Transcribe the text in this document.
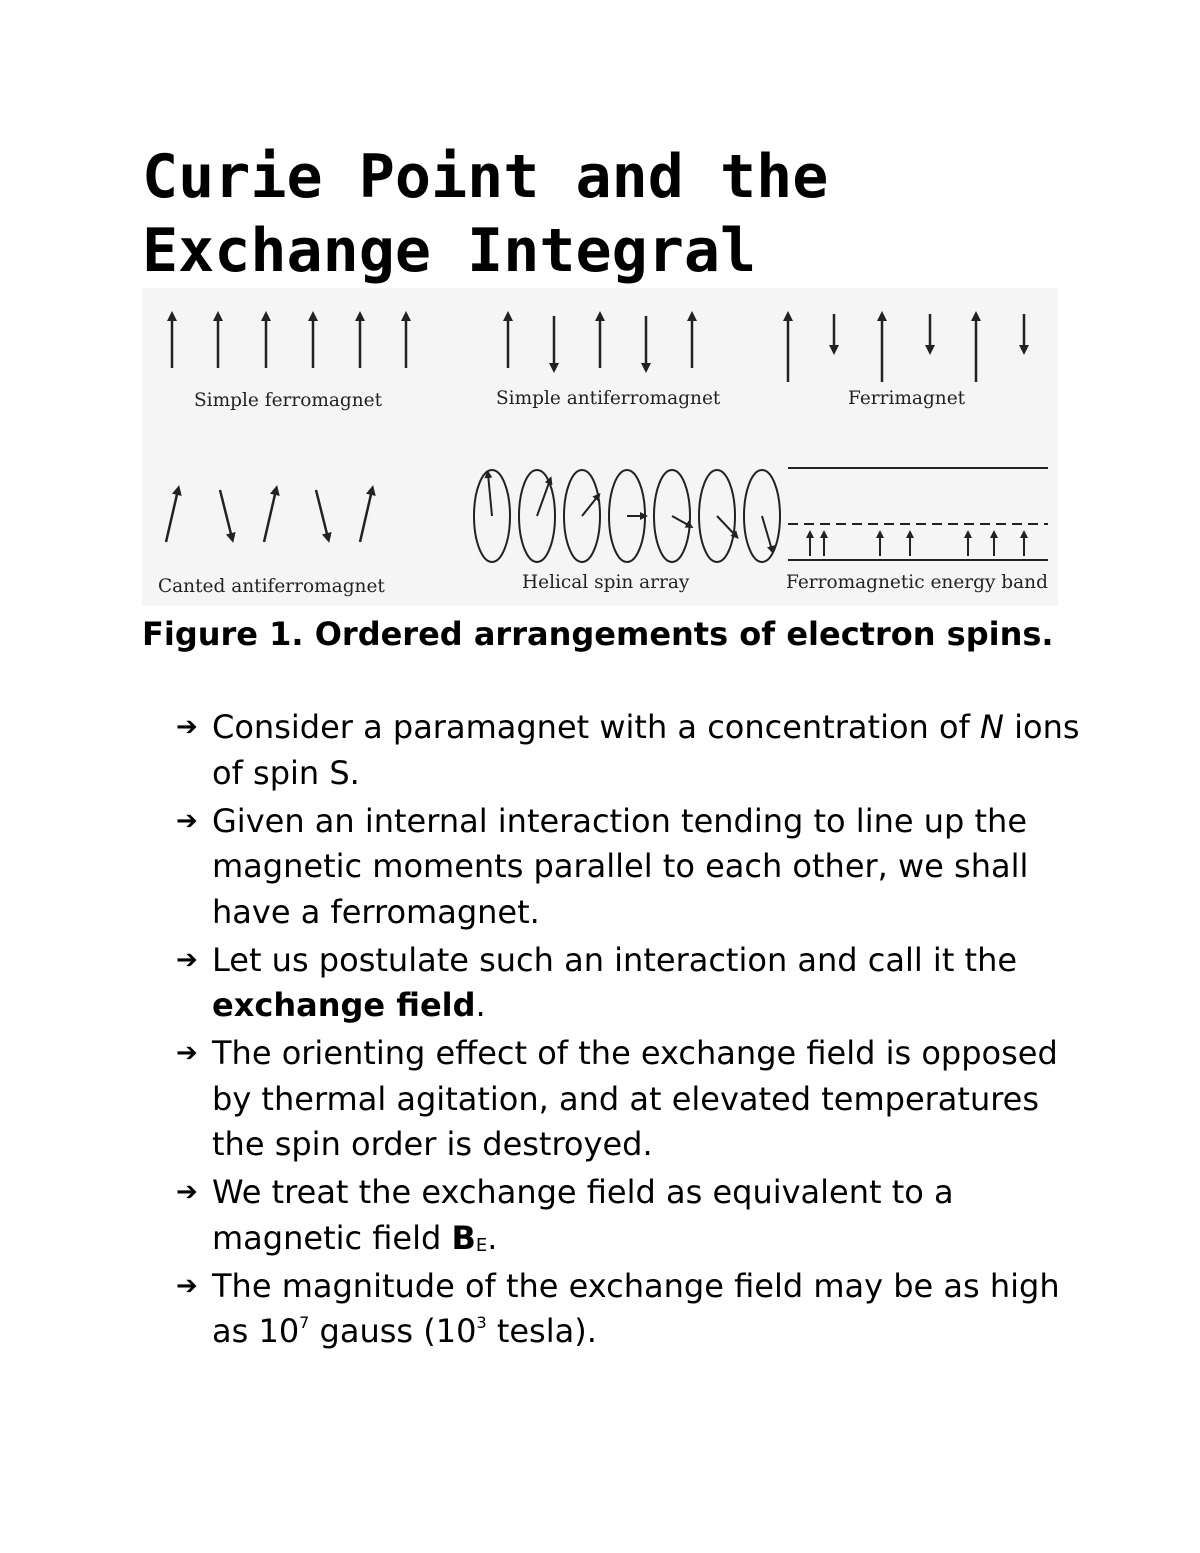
Curie Point and the Exchange Integral
Simple ferromagnet	Simple antiferromagnet	Ferrimagnet
Canted antiferromagnet	Helical spin array	Ferromagnetic energy band

Figure 1. Ordered arrangements of electron spins.

➔ Consider a paramagnet with a concentration of N ions of spin S.
➔ Given an internal interaction tending to line up the magnetic moments parallel to each other, we shall have a ferromagnet.
➔ Let us postulate such an interaction and call it the exchange field.
➔ The orienting effect of the exchange field is opposed by thermal agitation, and at elevated temperatures the spin order is destroyed.
➔ We treat the exchange field as equivalent to a magnetic field $B_E$.
➔ The magnitude of the exchange field may be as high as $10^7$ gauss ($10^3$ tesla).
